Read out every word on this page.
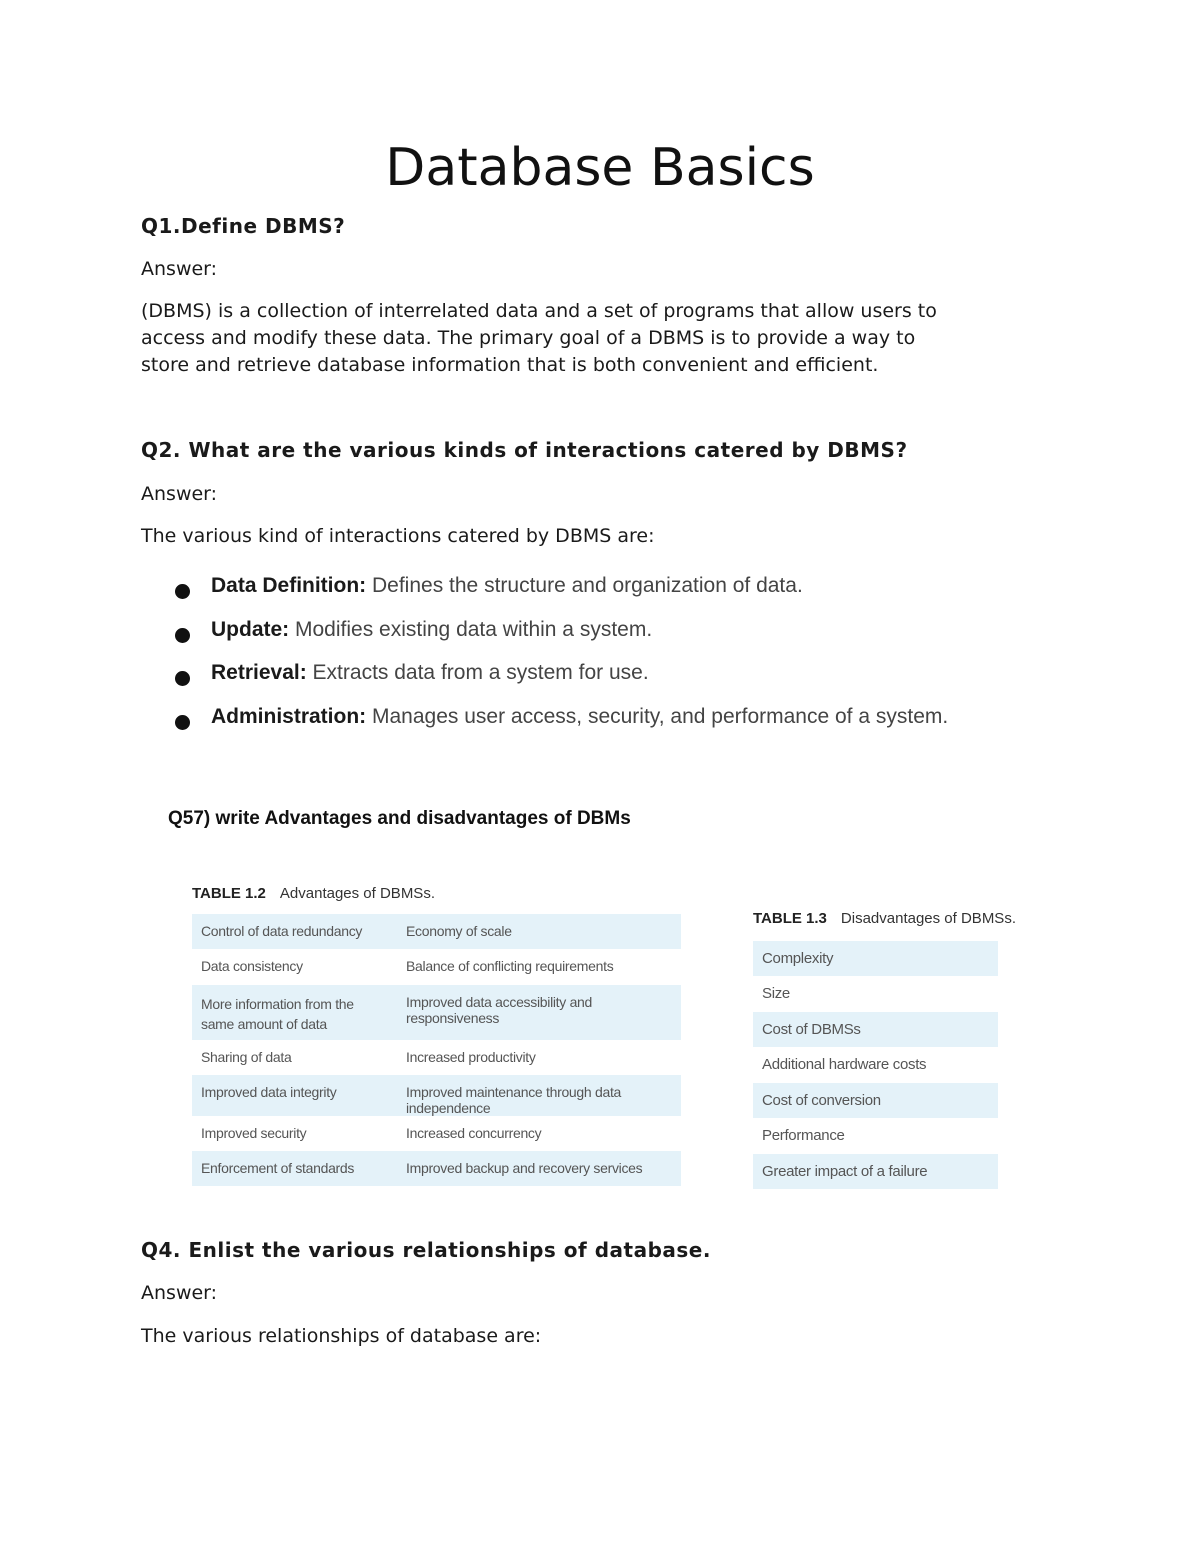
Database Basics

Q1.Define DBMS?

Answer:

(DBMS) is a collection of interrelated data and a set of programs that allow users to
access and modify these data. The primary goal of a DBMS is to provide a way to
store and retrieve database information that is both convenient and efficient.

Q2. What are the various kinds of interactions catered by DBMS?

Answer:

The various kind of interactions catered by DBMS are:

Data Definition: Defines the structure and organization of data.
Update: Modifies existing data within a system.
Retrieval: Extracts data from a system for use.
Administration: Manages user access, security, and performance of a system.

Q57) write Advantages and disadvantages of DBMs

TABLE 1.2 Advantages of DBMSs.

Control of data redundancy	Economy of scale
Data consistency	Balance of conflicting requirements
More information from the same amount of data	Improved data accessibility and responsiveness
Sharing of data	Increased productivity
Improved data integrity	Improved maintenance through data independence
Improved security	Increased concurrency
Enforcement of standards	Improved backup and recovery services

TABLE 1.3 Disadvantages of DBMSs.

Complexity
Size
Cost of DBMSs
Additional hardware costs
Cost of conversion
Performance
Greater impact of a failure

Q4. Enlist the various relationships of database.

Answer:

The various relationships of database are:
